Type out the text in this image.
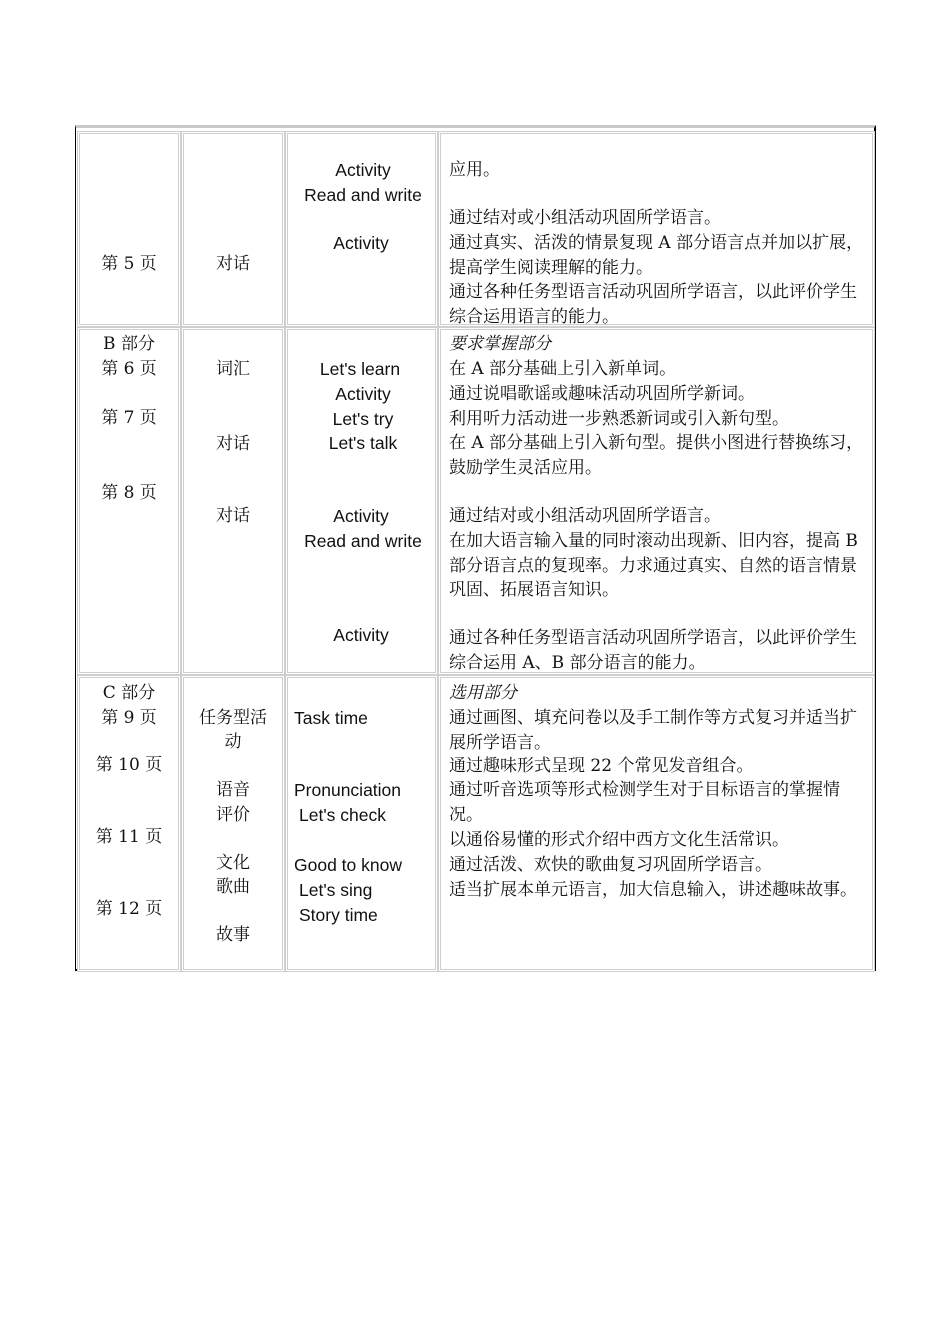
第 5 页	对话
Activity
Read and write
Activity
应用。
通过结对或小组活动巩固所学语言。
通过真实、活泼的情景复现 A 部分语言点并加以扩展，提高学生阅读理解的能力。
通过各种任务型语言活动巩固所学语言，以此评价学生综合运用语言的能力。
B 部分
第 6 页
第 7 页
第 8 页
词汇
对话
对话
Let's learn
Activity
Let's try
Let's talk
Activity
Read and write
Activity
要求掌握部分
在 A 部分基础上引入新单词。
通过说唱歌谣或趣味活动巩固所学新词。
利用听力活动进一步熟悉新词或引入新句型。
在 A 部分基础上引入新句型。提供小图进行替换练习，鼓励学生灵活应用。
通过结对或小组活动巩固所学语言。
在加大语言输入量的同时滚动出现新、旧内容，提高 B 部分语言点的复现率。力求通过真实、自然的语言情景巩固、拓展语言知识。
通过各种任务型语言活动巩固所学语言，以此评价学生综合运用 A、B 部分语言的能力。
C 部分
第 9 页
第 10 页
第 11 页
第 12 页
任务型活
动
语音
评价
文化
歌曲
故事
Task time
Pronunciation
Let's check
Good to know
Let's sing
Story time
选用部分
通过画图、填充问卷以及手工制作等方式复习并适当扩展所学语言。
通过趣味形式呈现 22 个常见发音组合。
通过听音选项等形式检测学生对于目标语言的掌握情况。
以通俗易懂的形式介绍中西方文化生活常识。
通过活泼、欢快的歌曲复习巩固所学语言。
适当扩展本单元语言，加大信息输入，讲述趣味故事。
